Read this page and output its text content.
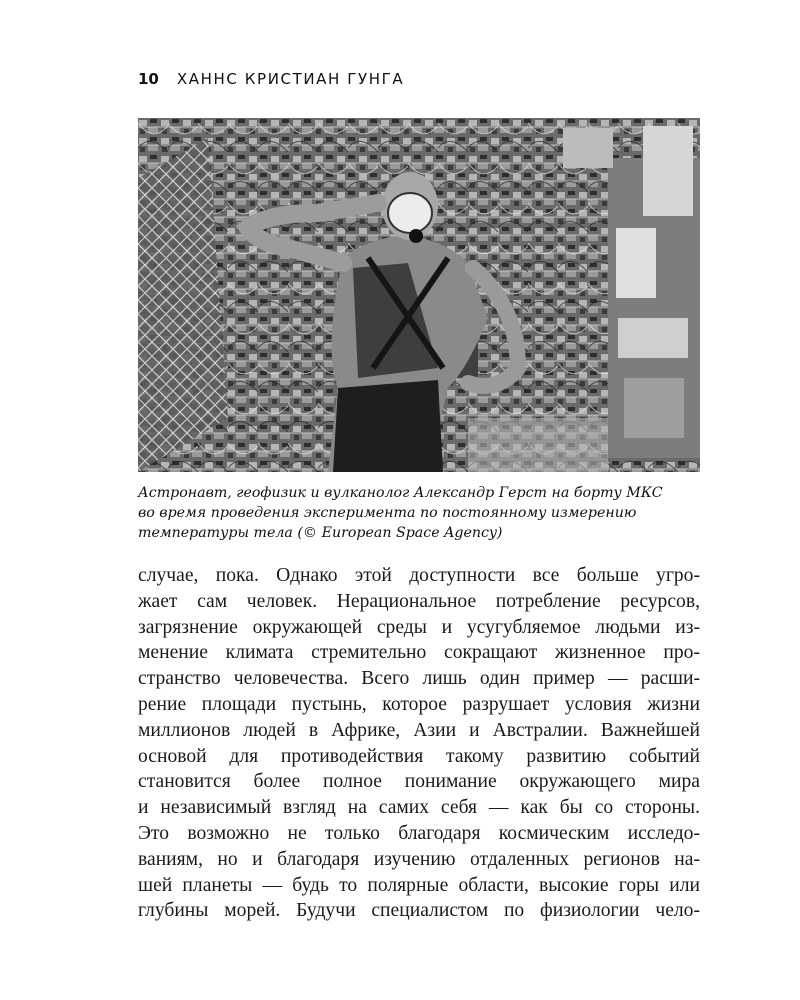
10 ХАННС КРИСТИАН ГУНГА
Астронавт, геофизик и вулканолог Александр Герст на борту МКС
во время проведения эксперимента по постоянному измерению
температуры тела (© European Space Agency)
случае, пока. Однако этой доступности все больше угро-
жает сам человек. Нерациональное потребление ресурсов,
загрязнение окружающей среды и усугубляемое людьми из-
менение климата стремительно сокращают жизненное про-
странство человечества. Всего лишь один пример — расши-
рение площади пустынь, которое разрушает условия жизни
миллионов людей в Африке, Азии и Австралии. Важнейшей
основой для противодействия такому развитию событий
становится более полное понимание окружающего мира
и независимый взгляд на самих себя — как бы со стороны.
Это возможно не только благодаря космическим исследо-
ваниям, но и благодаря изучению отдаленных регионов на-
шей планеты — будь то полярные области, высокие горы или
глубины морей. Будучи специалистом по физиологии чело-
